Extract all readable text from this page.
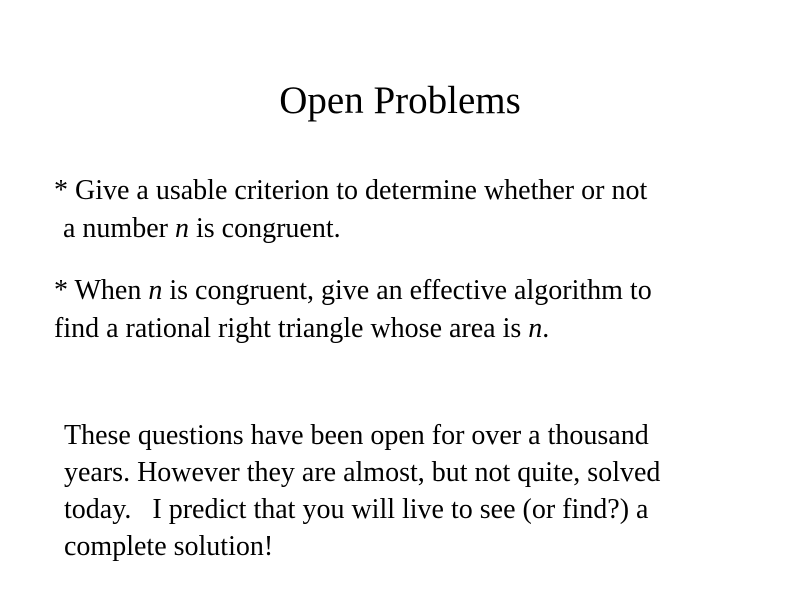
Open Problems
* Give a usable criterion to determine whether or not
a number n is congruent.
* When n is congruent, give an effective algorithm to
find a rational right triangle whose area is n.
These questions have been open for over a thousand
years. However they are almost, but not quite, solved
today.   I predict that you will live to see (or find?) a
complete solution!
